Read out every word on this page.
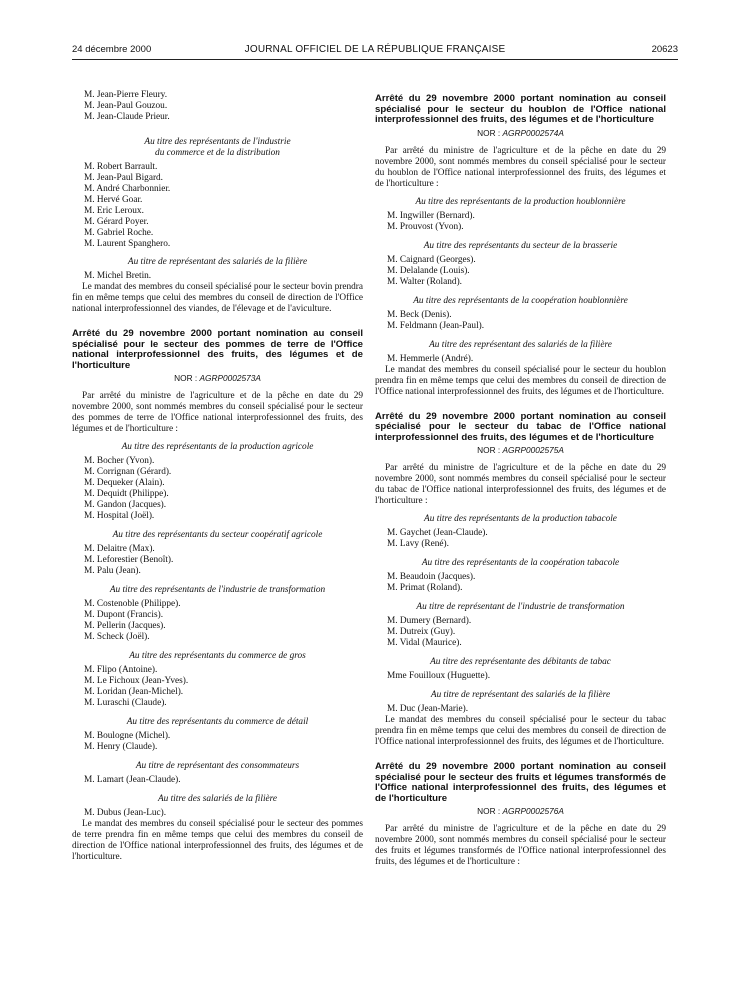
24 décembre 2000	JOURNAL OFFICIEL DE LA RÉPUBLIQUE FRANÇAISE	20623

M. Jean-Pierre Fleury.

M. Jean-Paul Gouzou.

M. Jean-Claude Prieur.

Au titre des représentants de l'industrie

du commerce et de la distribution

M. Robert Barrault.

M. Jean-Paul Bigard.

M. André Charbonnier.

M. Hervé Goar.

M. Eric Leroux.

M. Gérard Poyer.

M. Gabriel Roche.

M. Laurent Spanghero.

Au titre de représentant des salariés de la filière

M. Michel Bretin.

Le mandat des membres du conseil spécialisé pour le secteur bovin prendra fin en même temps que celui des membres du conseil de direction de l'Office national interprofessionnel des viandes, de l'élevage et de l'aviculture.

Arrêté du 29 novembre 2000 portant nomination au conseil spécialisé pour le secteur des pommes de terre de l'Office national interprofessionnel des fruits, des légumes et de l'horticulture

NOR : AGRP0002573A

Par arrêté du ministre de l'agriculture et de la pêche en date du 29 novembre 2000, sont nommés membres du conseil spécialisé pour le secteur des pommes de terre de l'Office national interprofessionnel des fruits, des légumes et de l'horticulture :

Au titre des représentants de la production agricole

M. Bocher (Yvon).

M. Corrignan (Gérard).

M. Dequeker (Alain).

M. Dequidt (Philippe).

M. Gandon (Jacques).

M. Hospital (Joël).

Au titre des représentants du secteur coopératif agricole

M. Delaitre (Max).

M. Leforestier (Benoît).

M. Palu (Jean).

Au titre des représentants de l'industrie de transformation

M. Costenoble (Philippe).

M. Dupont (Francis).

M. Pellerin (Jacques).

M. Scheck (Joël).

Au titre des représentants du commerce de gros

M. Flipo (Antoine).

M. Le Fichoux (Jean-Yves).

M. Loridan (Jean-Michel).

M. Luraschi (Claude).

Au titre des représentants du commerce de détail

M. Boulogne (Michel).

M. Henry (Claude).

Au titre de représentant des consommateurs

M. Lamart (Jean-Claude).

Au titre des salariés de la filière

M. Dubus (Jean-Luc).

Le mandat des membres du conseil spécialisé pour le secteur des pommes de terre prendra fin en même temps que celui des membres du conseil de direction de l'Office national interprofessionnel des fruits, des légumes et de l'horticulture.

Arrêté du 29 novembre 2000 portant nomination au conseil spécialisé pour le secteur du houblon de l'Office national interprofessionnel des fruits, des légumes et de l'horticulture

NOR : AGRP0002574A

Par arrêté du ministre de l'agriculture et de la pêche en date du 29 novembre 2000, sont nommés membres du conseil spécialisé pour le secteur du houblon de l'Office national interprofessionnel des fruits, des légumes et de l'horticulture :

Au titre des représentants de la production houblonnière

M. Ingwiller (Bernard).

M. Prouvost (Yvon).

Au titre des représentants du secteur de la brasserie

M. Caignard (Georges).

M. Delalande (Louis).

M. Walter (Roland).

Au titre des représentants de la coopération houblonnière

M. Beck (Denis).

M. Feldmann (Jean-Paul).

Au titre des représentant des salariés de la filière

M. Hemmerle (André).

Le mandat des membres du conseil spécialisé pour le secteur du houblon prendra fin en même temps que celui des membres du conseil de direction de l'Office national interprofessionnel des fruits, des légumes et de l'horticulture.

Arrêté du 29 novembre 2000 portant nomination au conseil spécialisé pour le secteur du tabac de l'Office national interprofessionnel des fruits, des légumes et de l'horticulture

NOR : AGRP0002575A

Par arrêté du ministre de l'agriculture et de la pêche en date du 29 novembre 2000, sont nommés membres du conseil spécialisé pour le secteur du tabac de l'Office national interprofessionnel des fruits, des légumes et de l'horticulture :

Au titre des représentants de la production tabacole

M. Gaychet (Jean-Claude).

M. Lavy (René).

Au titre des représentants de la coopération tabacole

M. Beaudoin (Jacques).

M. Primat (Roland).

Au titre de représentant de l'industrie de transformation

M. Dumery (Bernard).

M. Dutreix (Guy).

M. Vidal (Maurice).

Au titre des représentante des débitants de tabac

Mme Fouilloux (Huguette).

Au titre de représentant des salariés de la filière

M. Duc (Jean-Marie).

Le mandat des membres du conseil spécialisé pour le secteur du tabac prendra fin en même temps que celui des membres du conseil de direction de l'Office national interprofessionnel des fruits, des légumes et de l'horticulture.

Arrêté du 29 novembre 2000 portant nomination au conseil spécialisé pour le secteur des fruits et légumes transformés de l'Office national interprofessionnel des fruits, des légumes et de l'horticulture

NOR : AGRP0002576A

Par arrêté du ministre de l'agriculture et de la pêche en date du 29 novembre 2000, sont nommés membres du conseil spécialisé pour le secteur des fruits et légumes transformés de l'Office national interprofessionnel des fruits, des légumes et de l'horticulture :
